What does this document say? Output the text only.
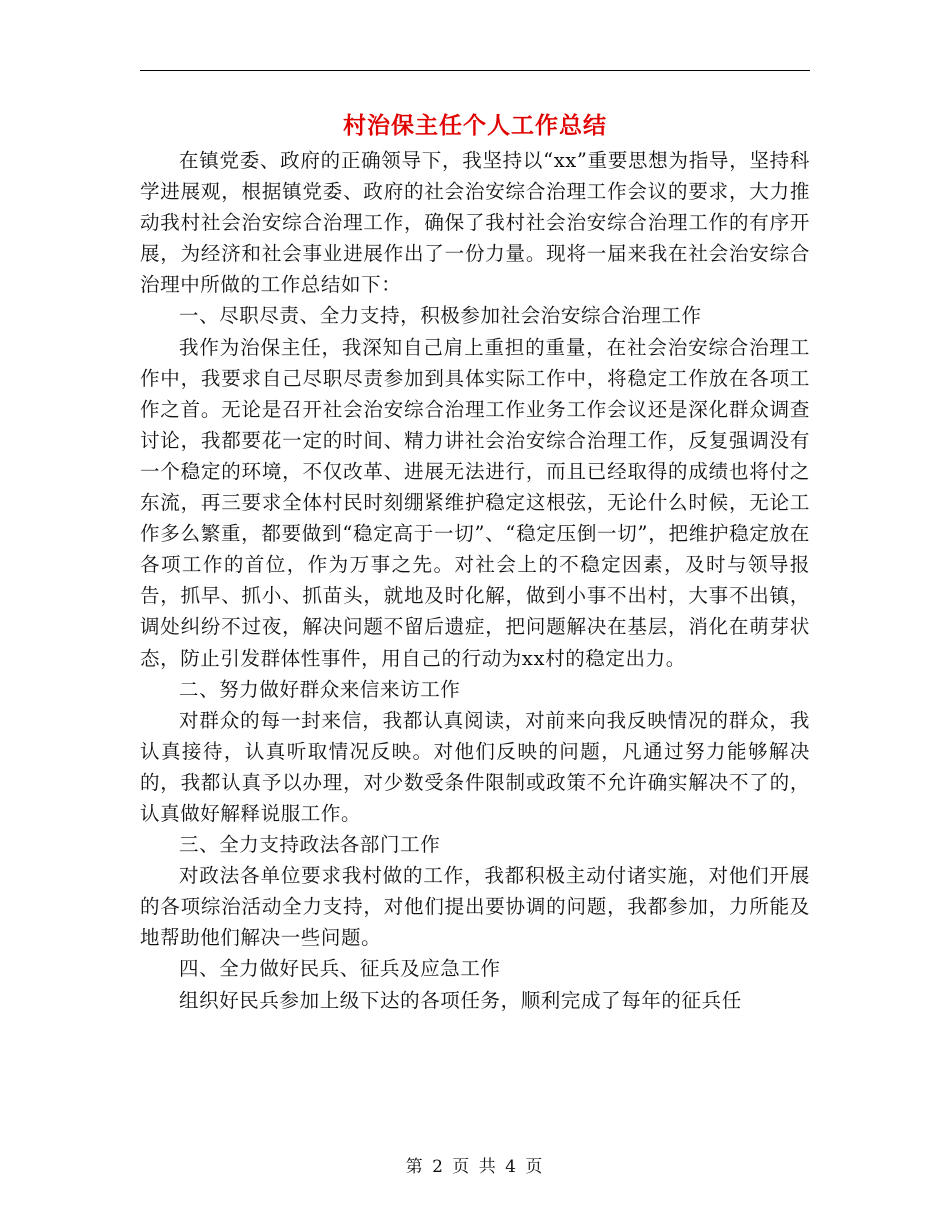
村治保主任个人工作总结

在镇党委、政府的正确领导下，我坚持以“xx”重要思想为指导，坚持科学进展观，根据镇党委、政府的社会治安综合治理工作会议的要求，大力推动我村社会治安综合治理工作，确保了我村社会治安综合治理工作的有序开展，为经济和社会事业进展作出了一份力量。现将一届来我在社会治安综合治理中所做的工作总结如下：

一、尽职尽责、全力支持，积极参加社会治安综合治理工作

我作为治保主任，我深知自己肩上重担的重量，在社会治安综合治理工作中，我要求自己尽职尽责参加到具体实际工作中，将稳定工作放在各项工作之首。无论是召开社会治安综合治理工作业务工作会议还是深化群众调查讨论，我都要花一定的时间、精力讲社会治安综合治理工作，反复强调没有一个稳定的环境，不仅改革、进展无法进行，而且已经取得的成绩也将付之东流，再三要求全体村民时刻绷紧维护稳定这根弦，无论什么时候，无论工作多么繁重，都要做到“稳定高于一切”、“稳定压倒一切”，把维护稳定放在各项工作的首位，作为万事之先。对社会上的不稳定因素，及时与领导报告，抓早、抓小、抓苗头，就地及时化解，做到小事不出村，大事不出镇，调处纠纷不过夜，解决问题不留后遗症，把问题解决在基层，消化在萌芽状态，防止引发群体性事件，用自己的行动为xx村的稳定出力。

二、努力做好群众来信来访工作

对群众的每一封来信，我都认真阅读，对前来向我反映情况的群众，我认真接待，认真听取情况反映。对他们反映的问题，凡通过努力能够解决的，我都认真予以办理，对少数受条件限制或政策不允许确实解决不了的，认真做好解释说服工作。

三、全力支持政法各部门工作

对政法各单位要求我村做的工作，我都积极主动付诸实施，对他们开展的各项综治活动全力支持，对他们提出要协调的问题，我都参加，力所能及地帮助他们解决一些问题。

四、全力做好民兵、征兵及应急工作

组织好民兵参加上级下达的各项任务，顺利完成了每年的征兵任

第 2 页 共 4 页
